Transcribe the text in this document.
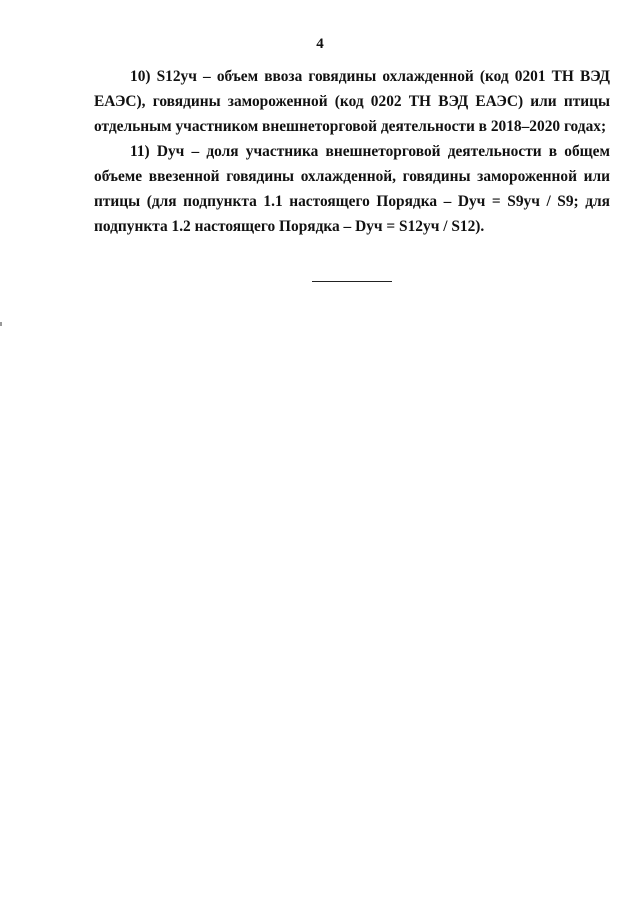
4

10) S12уч – объем ввоза говядины охлажденной (код 0201 ТН ВЭД ЕАЭС), говядины замороженной (код 0202 ТН ВЭД ЕАЭС) или птицы отдельным участником внешнеторговой деятельности в 2018–2020 годах;

11) Dуч – доля участника внешнеторговой деятельности в общем объеме ввезенной говядины охлажденной, говядины замороженной или птицы (для подпункта 1.1 настоящего Порядка – Dуч = S9уч / S9; для подпункта 1.2 настоящего Порядка – Dуч = S12уч / S12).
